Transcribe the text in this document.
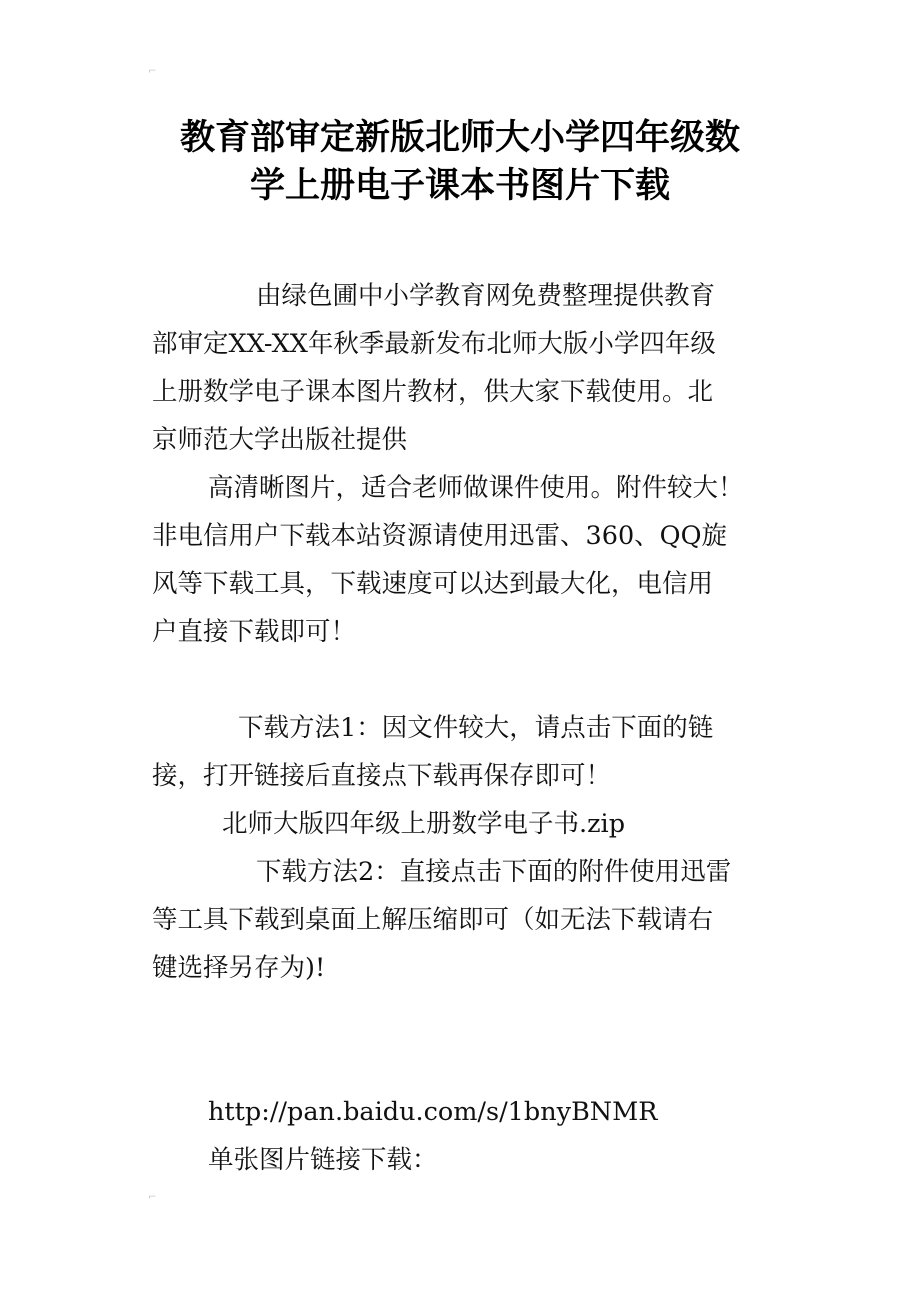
⌐
⌐
教育部审定新版北师大小学四年级数
学上册电子课本书图片下载
由绿色圃中小学教育网免费整理提供教育
部审定XX-XX年秋季最新发布北师大版小学四年级
上册数学电子课本图片教材，供大家下载使用。北
京师范大学出版社提供
高清晰图片，适合老师做课件使用。附件较大！
非电信用户下载本站资源请使用迅雷、360、QQ旋
风等下载工具，下载速度可以达到最大化，电信用
户直接下载即可！
下载方法1：因文件较大，请点击下面的链
接，打开链接后直接点下载再保存即可！
北师大版四年级上册数学电子书.zip
下载方法2：直接点击下面的附件使用迅雷
等工具下载到桌面上解压缩即可（如无法下载请右
键选择另存为)!
http://pan.baidu.com/s/1bnyBNMR
单张图片链接下载：
